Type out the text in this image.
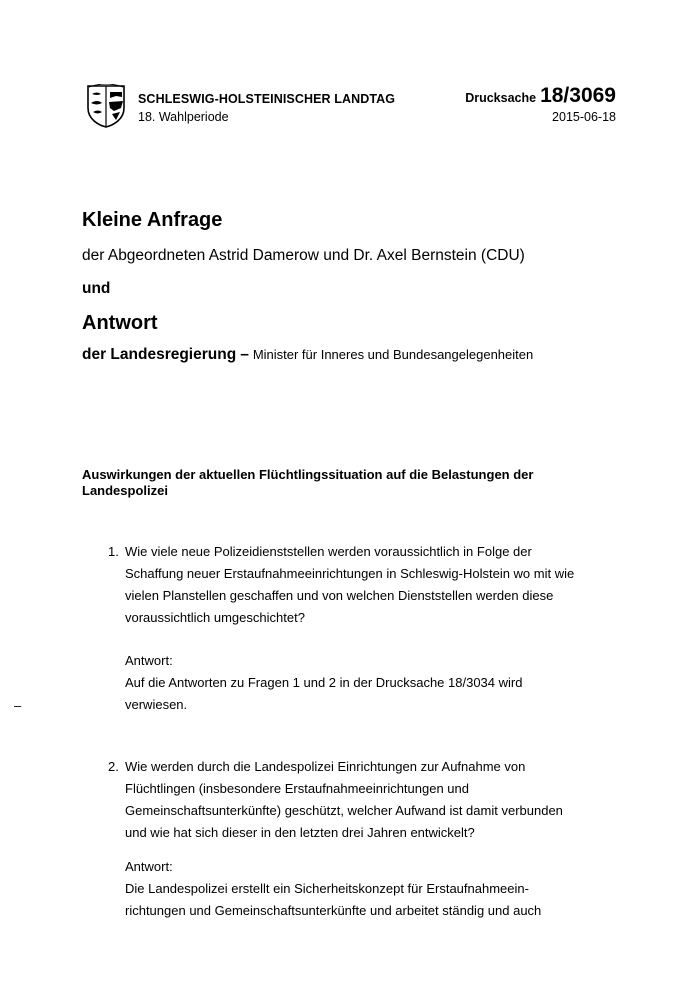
SCHLESWIG-HOLSTEINISCHER LANDTAG
18. Wahlperiode
Drucksache 18/3069
2015-06-18
Kleine Anfrage
der Abgeordneten Astrid Damerow und Dr. Axel Bernstein (CDU)
und
Antwort
der Landesregierung – Minister für Inneres und Bundesangelegenheiten
Auswirkungen der aktuellen Flüchtlingssituation auf die Belastungen der Landespolizei
1. Wie viele neue Polizeidienststellen werden voraussichtlich in Folge der
Schaffung neuer Erstaufnahmeeinrichtungen in Schleswig-Holstein wo mit wie
vielen Planstellen geschaffen und von welchen Dienststellen werden diese
voraussichtlich umgeschichtet?
Antwort:
Auf die Antworten zu Fragen 1 und 2 in der Drucksache 18/3034 wird
verwiesen.
–
2. Wie werden durch die Landespolizei Einrichtungen zur Aufnahme von
Flüchtlingen (insbesondere Erstaufnahmeeinrichtungen und
Gemeinschaftsunterkünfte) geschützt, welcher Aufwand ist damit verbunden
und wie hat sich dieser in den letzten drei Jahren entwickelt?
Antwort:
Die Landespolizei erstellt ein Sicherheitskonzept für Erstaufnahmeein-
richtungen und Gemeinschaftsunterkünfte und arbeitet ständig und auch
